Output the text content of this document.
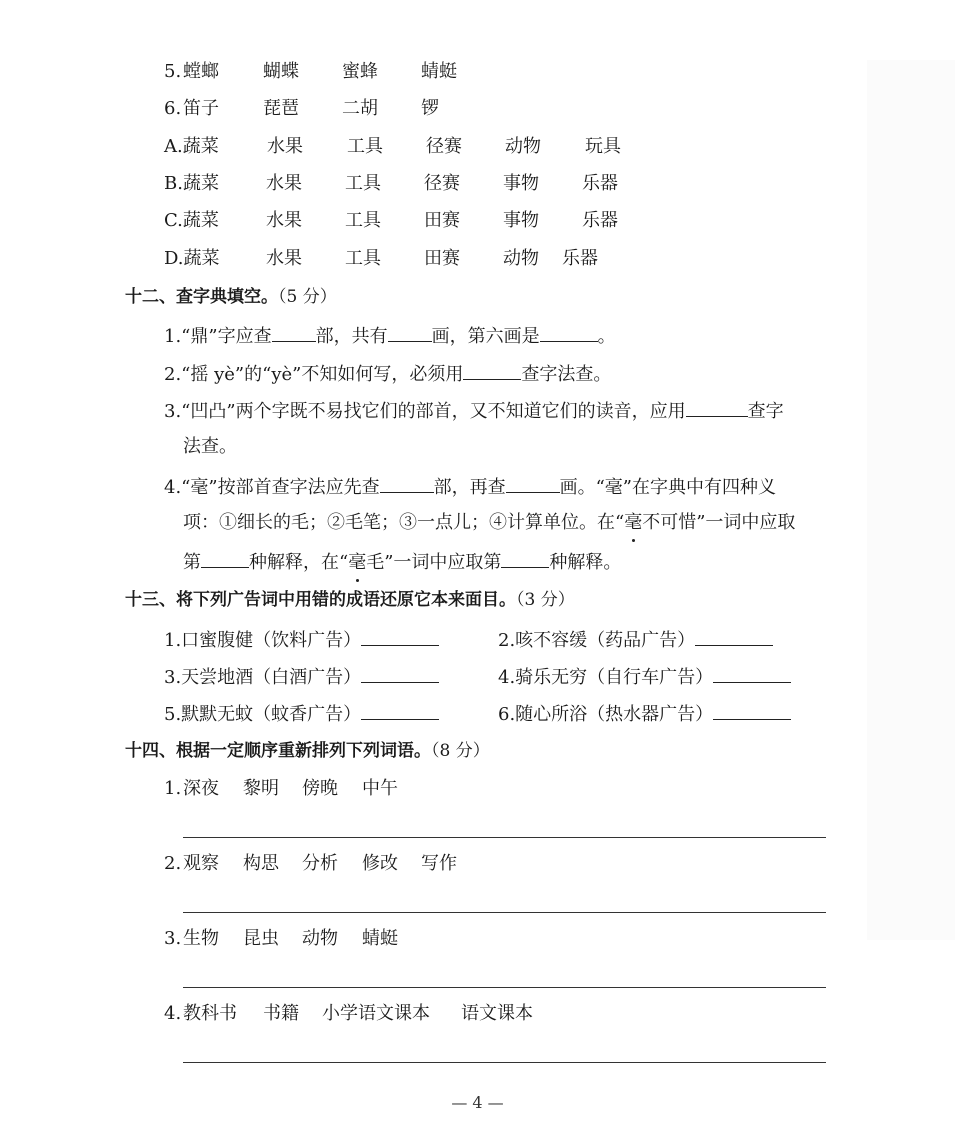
5. 螳螂 蝴蝶 蜜蜂 蜻蜓
6. 笛子 琵琶 二胡 锣
A.蔬菜	水果 工具 径赛 动物 玩具
B.蔬菜	水果 工具 径赛 事物 乐器
C.蔬菜	水果 工具 田赛 事物 乐器
D.蔬菜	水果 工具 田赛 动物 乐器
十二、查字典填空。（5 分）
1.“鼎”字应查 部，共有 画，第六画是	。
2.“摇 yè”的“yè”不知如何写，必须用	查字法查。
3.“凹凸”两个字既不易找它们的部首，又不知道它们的读音，应用	查字
法查。
4.“毫”按部首查字法应先查	部，再查	画。“毫”在字典中有四种义
项：①细长的毛；②毛笔；③一点儿；④计算单位。在“毫不可惜”一词中应取
第	种解释，在“毫毛”一词中应取第	种解释。
十三、将下列广告词中用错的成语还原它本来面目。（3 分）
1.口蜜腹健（饮料广告）	2.咳不容缓（药品广告）
3.天尝地酒（白酒广告）	4.骑乐无穷（自行车广告）
5.默默无蚊（蚊香广告）	6.随心所浴（热水器广告）
十四、根据一定顺序重新排列下列词语。（8 分）
1. 深夜 黎明 傍晚 中午
2. 观察 构思 分析 修改 写作
3. 生物 昆虫 动物 蜻蜓
4. 教科书 书籍 小学语文课本 语文课本
— 4 —
